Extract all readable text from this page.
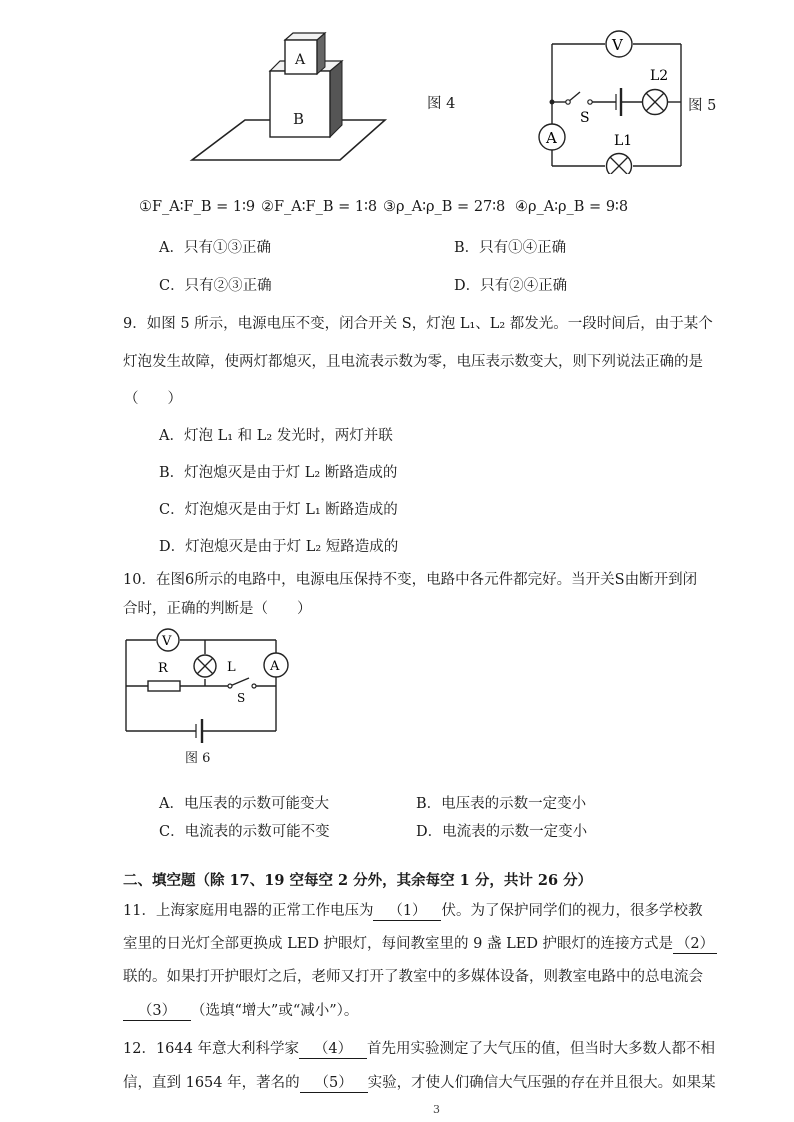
B
A
图 4
V
A
L2
L1
S
图 5
①F_A∶F_B = 1∶9 ②F_A∶F_B = 1∶8 ③ρ_A∶ρ_B = 27∶8 ④ρ_A∶ρ_B = 9∶8
A．只有①③正确	B．只有①④正确
C．只有②③正确	D．只有②④正确
9．如图 5 所示，电源电压不变，闭合开关 S，灯泡 L₁、L₂ 都发光。一段时间后，由于某个
灯泡发生故障，使两灯都熄灭，且电流表示数为零，电压表示数变大，则下列说法正确的是
（　　）
A．灯泡 L₁ 和 L₂ 发光时，两灯并联
B．灯泡熄灭是由于灯 L₂ 断路造成的
C．灯泡熄灭是由于灯 L₁ 断路造成的
D．灯泡熄灭是由于灯 L₂ 短路造成的
10．在图6所示的电路中，电源电压保持不变，电路中各元件都完好。当开关S由断开到闭
合时，正确的判断是（　　）
V
A
R	L
S
图 6
A．电压表的示数可能变大	B．电压表的示数一定变小
C．电流表的示数可能不变	D．电流表的示数一定变小
二、填空题（除 17、19 空每空 2 分外，其余每空 1 分，共计 26 分）
11．上海家庭用电器的正常工作电压为 （1） 伏。为了保护同学们的视力，很多学校教
室里的日光灯全部更换成 LED 护眼灯，每间教室里的 9 盏 LED 护眼灯的连接方式是 （2）
联的。如果打开护眼灯之后，老师又打开了教室中的多媒体设备，则教室电路中的总电流会
（3） （选填“增大”或“减小”）。
12．1644 年意大利科学家 （4） 首先用实验测定了大气压的值，但当时大多数人都不相
信，直到 1654 年，著名的 （5） 实验，才使人们确信大气压强的存在并且很大。如果某
3
